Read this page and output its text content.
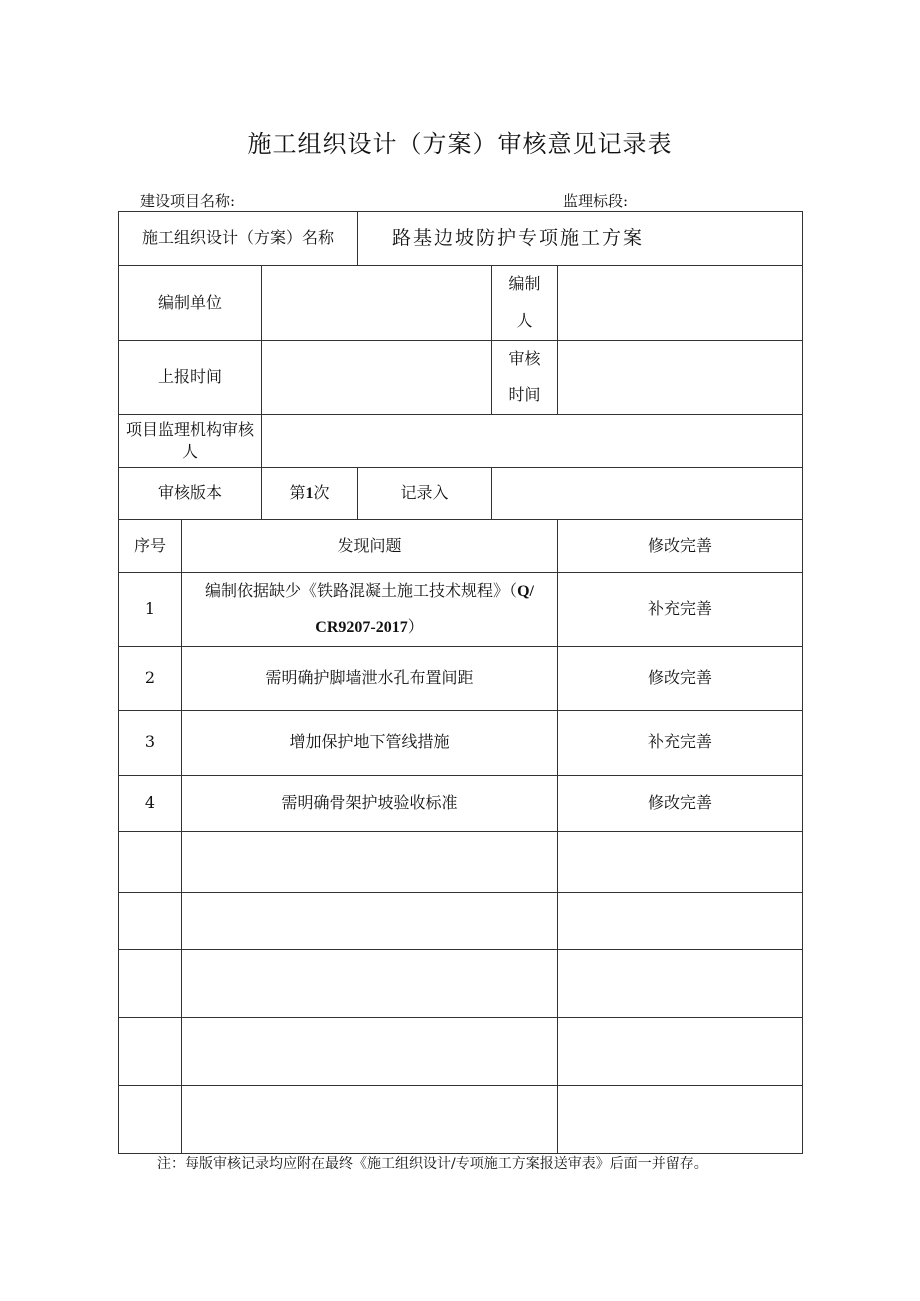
施工组织设计（方案）审核意见记录表
建设项目名称:	监理标段:
施工组织设计（方案）名称			路基边坡防护专项施工方案		
编制单位				编制
人	

上报时间				审核
时间	

项目监理机构审核
人					

审核版本		第1次	记录入		
序号	发现问题				修改完善
1	编制依据缺少《铁路混凝土施工技术规程》（Q/
CR9207-2017）				补充完善
2	需明确护脚墙泄水孔布置间距				修改完善
3	增加保护地下管线措施				补充完善
4	需明确骨架护坡验收标准				修改完善

注：每版审核记录均应附在最终《施工组织设计/专项施工方案报送审表》后面一并留存。
